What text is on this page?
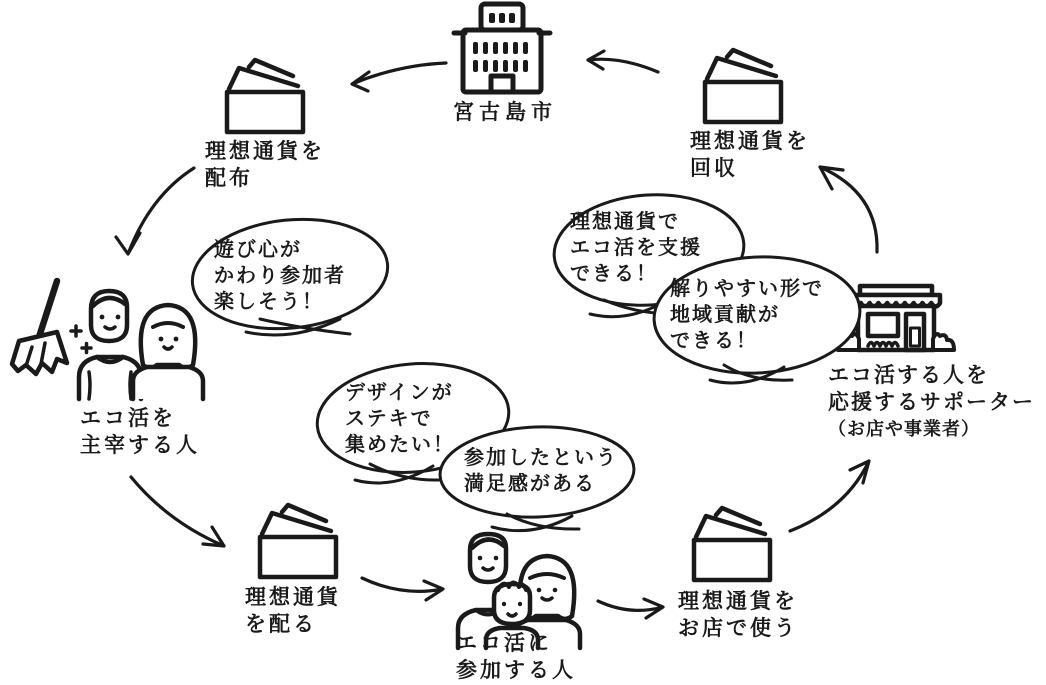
宮古島市
理想通貨を
配布
理想通貨を
回収
エコ活を
主宰する人
理想通貨
を配る
エコ活に
参加する人
理想通貨を
お店で使う
エコ活する人を
応援するサポーター
（お店や事業者）
遊び心が
かわり参加者
楽しそう！
理想通貨で
エコ活を支援
できる！
解りやすい形で
地域貢献が
できる！
デザインが
ステキで
集めたい！
参加したという
満足感がある
